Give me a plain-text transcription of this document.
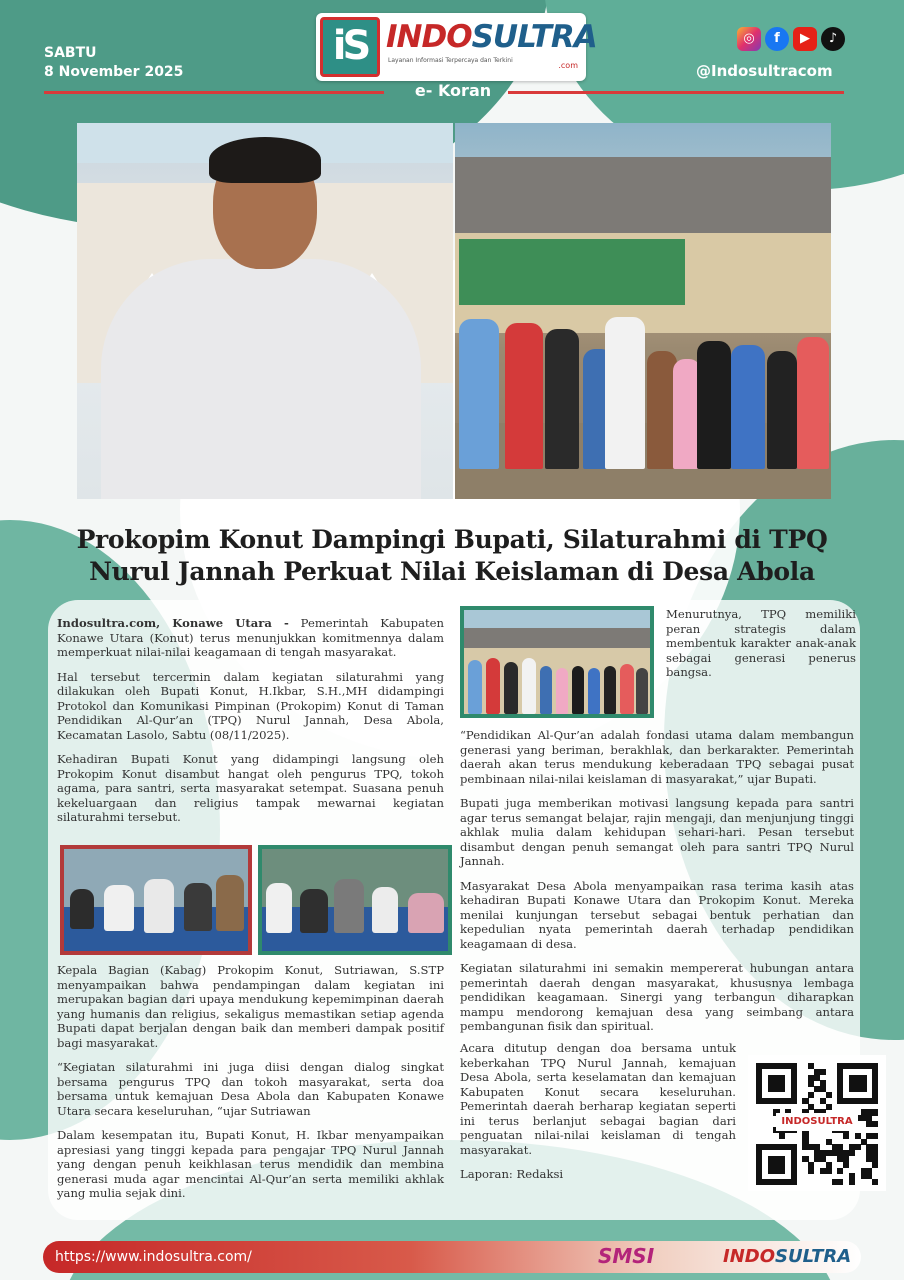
SABTU
8 November 2025
iS INDOSULTRA
Layanan Informasi Terpercaya dan Terkini
.com
e- Koran
◎	f	▶	♪
@Indosultracom
Prokopim Konut Dampingi Bupati, Silaturahmi di TPQ
Nurul Jannah Perkuat Nilai Keislaman di Desa Abola

Indosultra.com, Konawe Utara - Pemerintah Kabupaten Konawe Utara (Konut) terus menunjukkan komitmennya dalam memperkuat nilai-nilai keagamaan di tengah masyarakat.

Hal tersebut tercermin dalam kegiatan silaturahmi yang dilakukan oleh Bupati Konut, H.Ikbar, S.H.,MH didampingi Protokol dan Komunikasi Pimpinan (Prokopim) Konut di Taman Pendidikan Al-Qur’an (TPQ) Nurul Jannah, Desa Abola, Kecamatan Lasolo, Sabtu (08/11/2025).

Kehadiran Bupati Konut yang didampingi langsung oleh Prokopim Konut disambut hangat oleh pengurus TPQ, tokoh agama, para santri, serta masyarakat setempat. Suasana penuh kekeluargaan dan religius tampak mewarnai kegiatan silaturahmi tersebut.

Kepala Bagian (Kabag) Prokopim Konut, Sutriawan, S.STP menyampaikan bahwa pendampingan dalam kegiatan ini merupakan bagian dari upaya mendukung kepemimpinan daerah yang humanis dan religius, sekaligus memastikan setiap agenda Bupati dapat berjalan dengan baik dan memberi dampak positif bagi masyarakat.

“Kegiatan silaturahmi ini juga diisi dengan dialog singkat bersama pengurus TPQ dan tokoh masyarakat, serta doa bersama untuk kemajuan Desa Abola dan Kabupaten Konawe Utara secara keseluruhan, “ujar Sutriawan

Dalam kesempatan itu, Bupati Konut, H. Ikbar menyampaikan apresiasi yang tinggi kepada para pengajar TPQ Nurul Jannah yang dengan penuh keikhlasan terus mendidik dan membina generasi muda agar mencintai Al-Qur’an serta memiliki akhlak yang mulia sejak dini.

Menurutnya, TPQ memiliki peran strategis dalam membentuk karakter anak-anak sebagai generasi penerus bangsa.

“Pendidikan Al-Qur’an adalah fondasi utama dalam membangun generasi yang beriman, berakhlak, dan berkarakter. Pemerintah daerah akan terus mendukung keberadaan TPQ sebagai pusat pembinaan nilai-nilai keislaman di masyarakat,” ujar Bupati.

Bupati juga memberikan motivasi langsung kepada para santri agar terus semangat belajar, rajin mengaji, dan menjunjung tinggi akhlak mulia dalam kehidupan sehari-hari. Pesan tersebut disambut dengan penuh semangat oleh para santri TPQ Nurul Jannah.

Masyarakat Desa Abola menyampaikan rasa terima kasih atas kehadiran Bupati Konawe Utara dan Prokopim Konut. Mereka menilai kunjungan tersebut sebagai bentuk perhatian dan kepedulian nyata pemerintah daerah terhadap pendidikan keagamaan di desa.

Kegiatan silaturahmi ini semakin mempererat hubungan antara pemerintah daerah dengan masyarakat, khususnya lembaga pendidikan keagamaan. Sinergi yang terbangun diharapkan mampu mendorong kemajuan desa yang seimbang antara pembangunan fisik dan spiritual.

Acara ditutup dengan doa bersama untuk keberkahan TPQ Nurul Jannah, kemajuan Desa Abola, serta keselamatan dan kemajuan Kabupaten Konut secara keseluruhan. Pemerintah daerah berharap kegiatan seperti ini terus berlanjut sebagai bagian dari penguatan nilai-nilai keislaman di tengah masyarakat.

Laporan: Redaksi

INDOSULTRA
https://www.indosultra.com/	SMSI	INDOSULTRA
